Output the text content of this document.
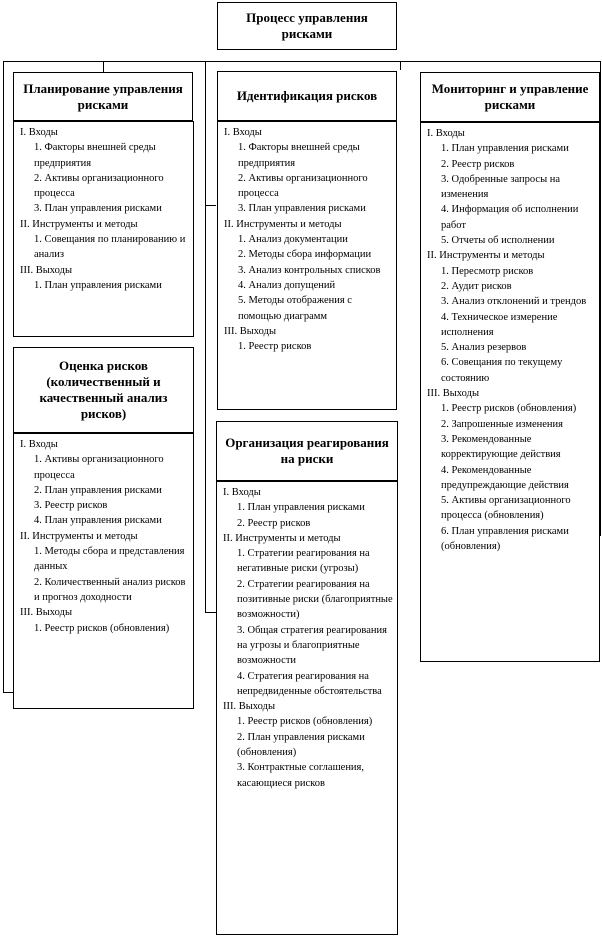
Процесс управления рисками
Планирование управления рисками
I. Входы
1. Факторы внешней среды предприятия
2. Активы организационного процесса
3. План управления рисками
II. Инструменты и методы
1. Совещания по планированию и анализ
III. Выходы
1. План управления рисками
Оценка рисков (количественный и качественный анализ рисков)
I. Входы
1. Активы организационного процесса
2. План управления рисками
3. Реестр рисков
4. План управления рисками
II. Инструменты и методы
1. Методы сбора и представления данных
2. Количественный анализ рисков и прогноз доходности
III. Выходы
1. Реестр рисков (обновления)
Идентификация рисков
I. Входы
1. Факторы внешней среды предприятия
2. Активы организационного процесса
3. План управления рисками
II. Инструменты и методы
1. Анализ документации
2. Методы сбора информации
3. Анализ контрольных списков
4. Анализ допущений
5. Методы отображения с помощью диаграмм
III. Выходы
1. Реестр рисков
Организация реагирования на риски
I. Входы
1. План управления рисками
2. Реестр рисков
II. Инструменты и методы
1. Стратегии реагирования на негативные риски (угрозы)
2. Стратегии реагирования на позитивные риски (благоприятные возможности)
3. Общая стратегия реагирования на угрозы и благоприятные возможности
4. Стратегия реагирования на непредвиденные обстоятельства
III. Выходы
1. Реестр рисков (обновления)
2. План управления рисками (обновления)
3. Контрактные соглашения, касающиеся рисков
Мониторинг и управление рисками
I. Входы
1. План управления рисками
2. Реестр рисков
3. Одобренные запросы на изменения
4. Информация об исполнении работ
5. Отчеты об исполнении
II. Инструменты и методы
1. Пересмотр рисков
2. Аудит рисков
3. Анализ отклонений и трендов
4. Техническое измерение исполнения
5. Анализ резервов
6. Совещания по текущему состоянию
III. Выходы
1. Реестр рисков (обновления)
2. Запрошенные изменения
3. Рекомендованные корректирующие действия
4. Рекомендованные предупреждающие действия
5. Активы организационного процесса (обновления)
6. План управления рисками (обновления)
